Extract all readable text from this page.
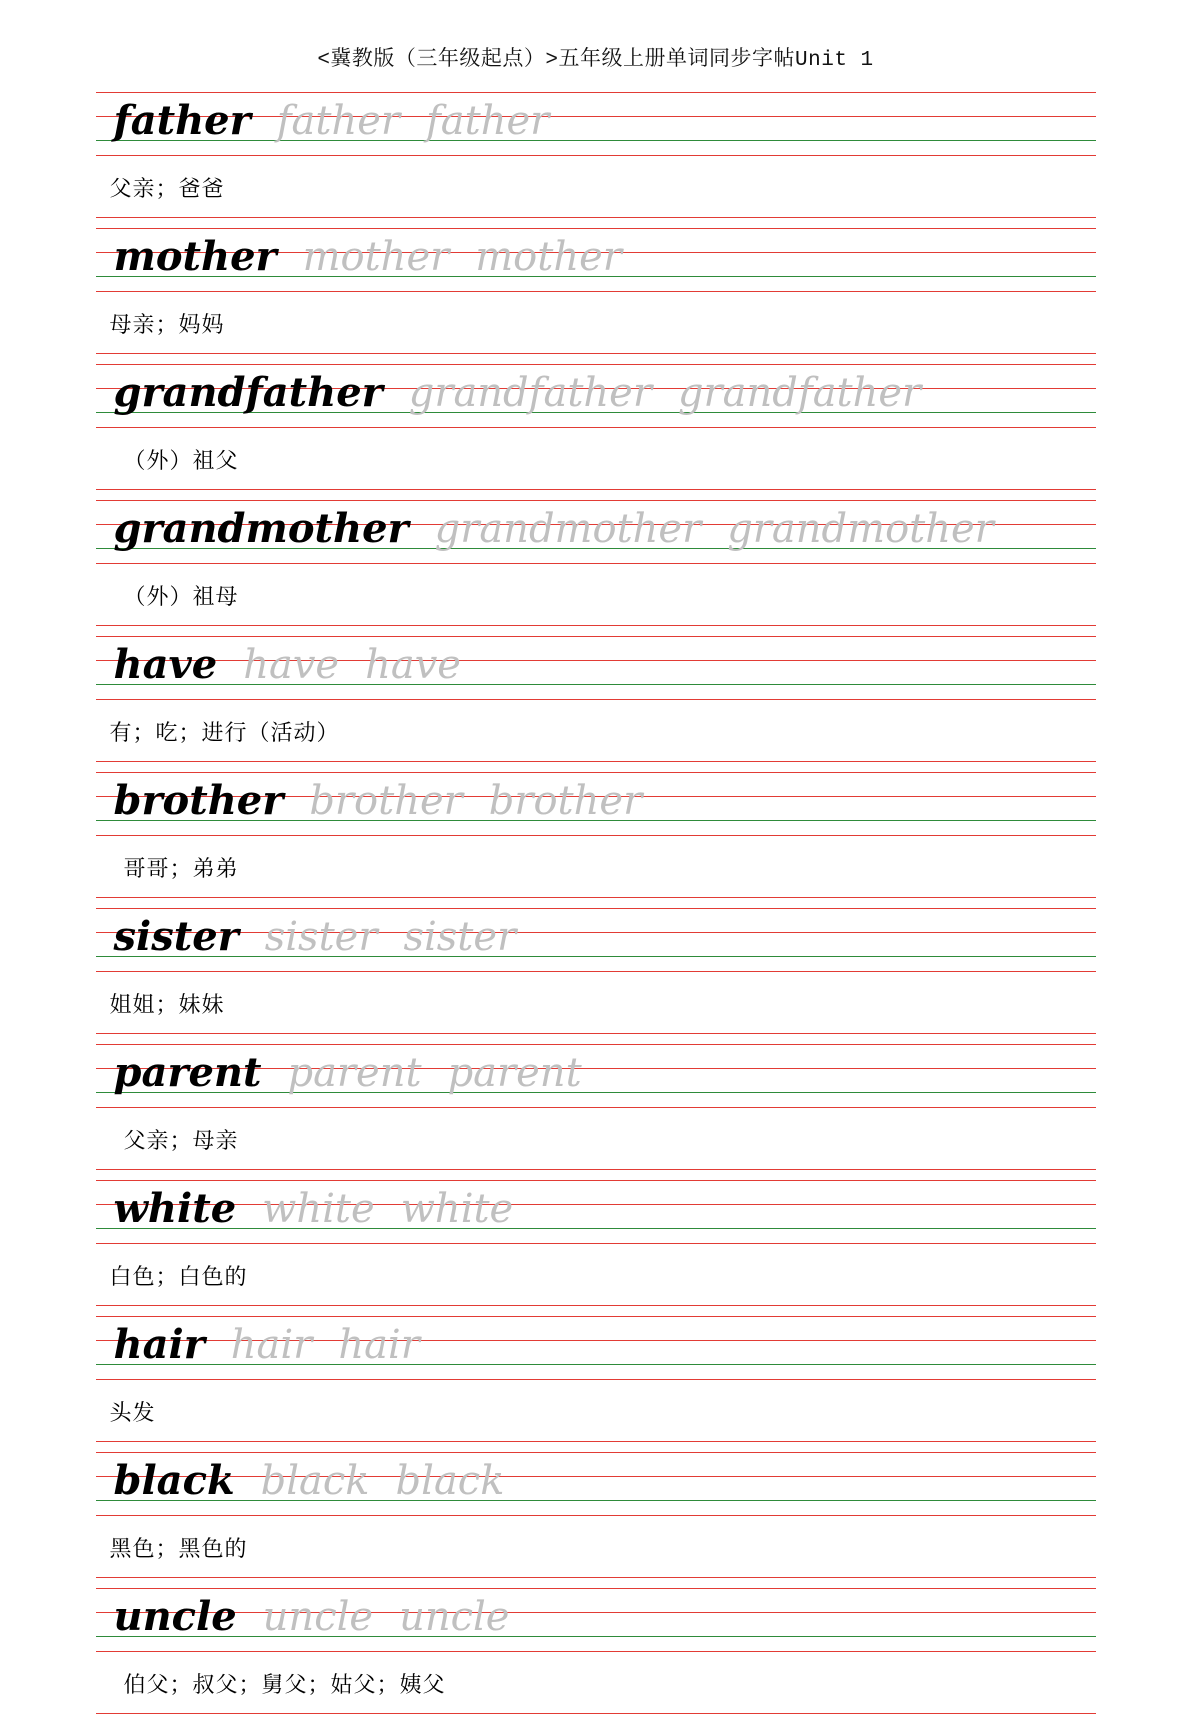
<冀教版（三年级起点）>五年级上册单词同步字帖Unit 1
father father father
父亲；爸爸
mother mother mother
母亲；妈妈
grandfather grandfather grandfather
（外）祖父
grandmother grandmother grandmother
（外）祖母
have have have
有；吃；进行（活动）
brother brother brother
哥哥；弟弟
sister sister sister
姐姐；妹妹
parent parent parent
父亲；母亲
white white white
白色；白色的
hair hair hair
头发
black black black
黑色；黑色的
uncle uncle uncle
伯父；叔父；舅父；姑父；姨父
